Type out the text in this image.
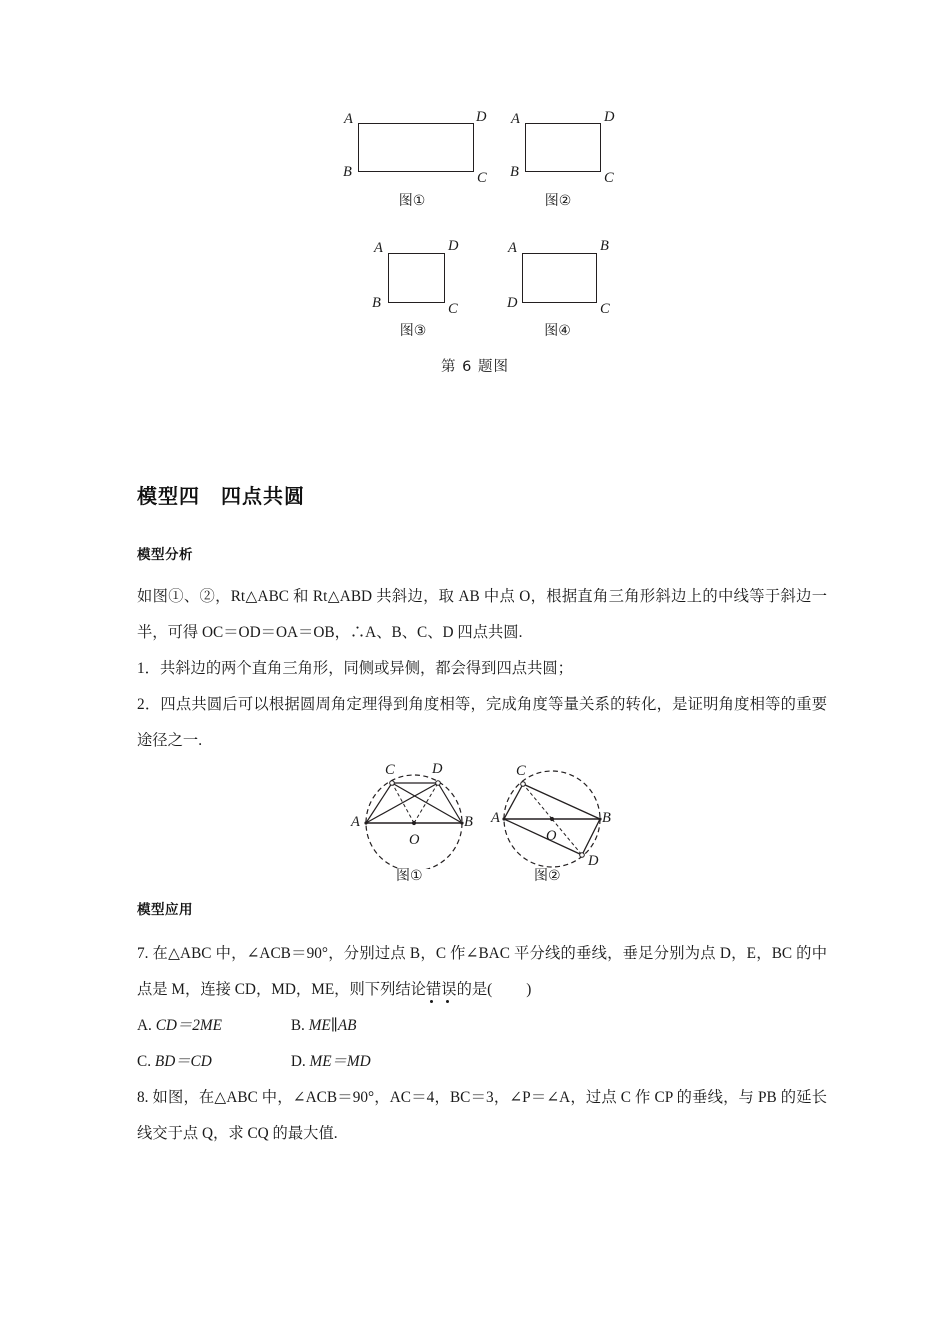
A	D
B	C
图①
A	D
B	C
图②
A	D
B	C
图③
A	B
D	C
图④
第 6 题图
模型四　四点共圆
模型分析

如图①、②，Rt△ABC 和 Rt△ABD 共斜边，取 AB 中点 O，根据直角三角形斜边上的中线等于斜边一半，可得 OC＝OD＝OA＝OB，∴A、B、C、D 四点共圆.

1．共斜边的两个直角三角形，同侧或异侧，都会得到四点共圆；

2．四点共圆后可以根据圆周角定理得到角度相等，完成角度等量关系的转化，是证明角度相等的重要途径之一.

C	D
A	B
O
图①
C
A	B
O
D
图②
模型应用

7. 在△ABC 中，∠ACB＝90°，分别过点 B，C 作∠BAC 平分线的垂线，垂足分别为点 D，E，BC 的中点是 M，连接 CD，MD，ME，则下列结论错误的是( )

A. CD＝2ME	B. ME∥AB
C. BD＝CD	D. ME＝MD

8. 如图，在△ABC 中，∠ACB＝90°，AC＝4，BC＝3，∠P＝∠A，过点 C 作 CP 的垂线，与 PB 的延长线交于点 Q，求 CQ 的最大值.
